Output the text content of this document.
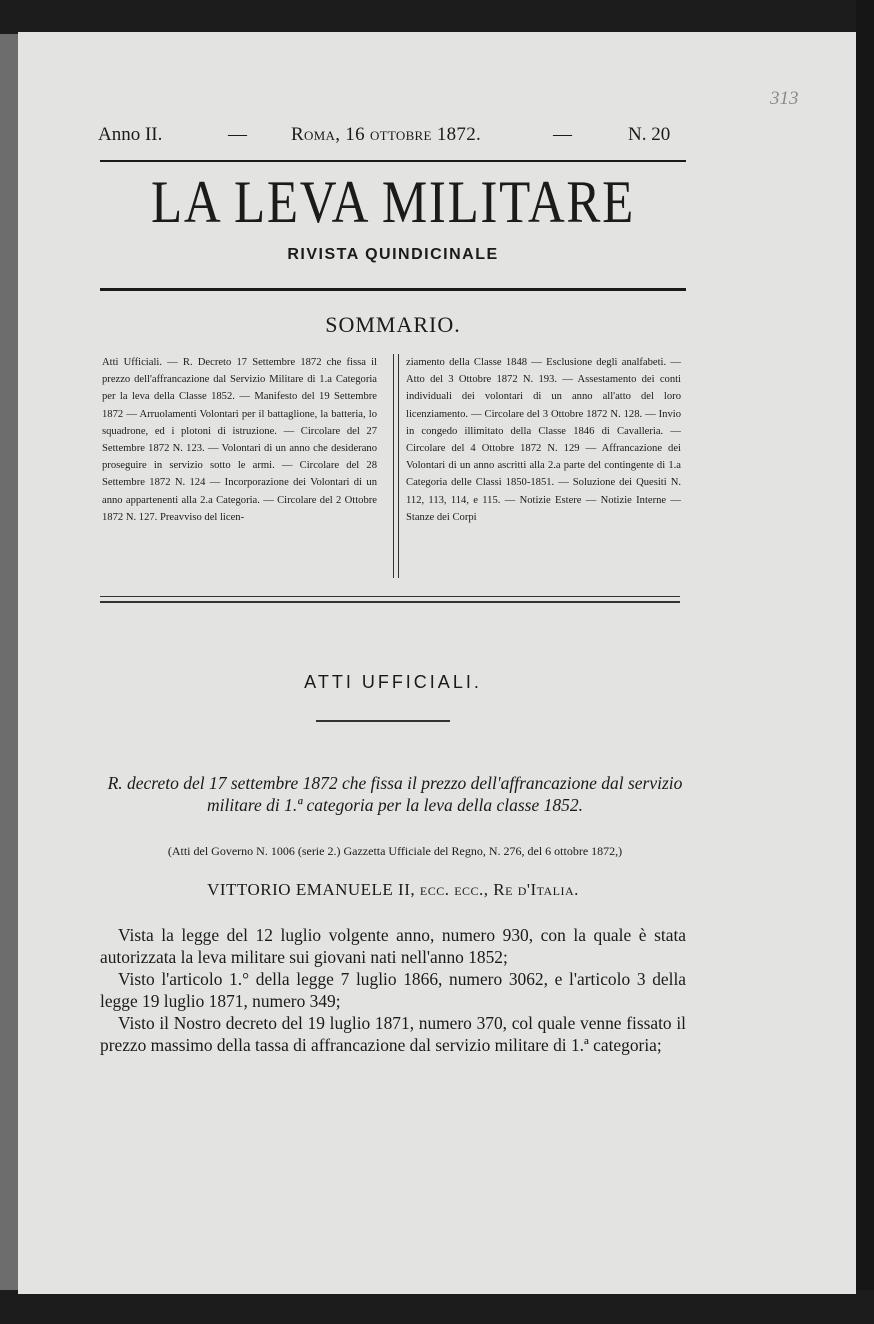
313
Anno II.	— Roma, 16 ottobre 1872.	—	N. 20
LA LEVA MILITARE
RIVISTA QUINDICINALE
SOMMARIO.
Atti Ufficiali. — R. Decreto 17 Settembre 1872 che fissa il prezzo dell'affrancazione dal Servizio Militare di 1.a Categoria per la leva della Classe 1852. — Manifesto del 19 Settembre 1872 — Arruolamenti Volontari per il battaglione, la batteria, lo squadrone, ed i plotoni di istruzione. — Circolare del 27 Settembre 1872 N. 123. — Volontari di un anno che desiderano proseguire in servizio sotto le armi. — Circolare del 28 Settembre 1872 N. 124 — Incorporazione dei Volontari di un anno appartenenti alla 2.a Categoria. — Circolare del 2 Ottobre 1872 N. 127. Preavviso del licen-
ziamento della Classe 1848 — Esclusione degli analfabeti. — Atto del 3 Ottobre 1872 N. 193. — Assestamento dei conti individuali dei volontari di un anno all'atto del loro licenziamento. — Circolare del 3 Ottobre 1872 N. 128. — Invio in congedo illimitato della Classe 1846 di Cavalleria. — Circolare del 4 Ottobre 1872 N. 129 — Affrancazione dei Volontari di un anno ascritti alla 2.a parte del contingente di 1.a Categoria delle Classi 1850-1851. — Soluzione dei Quesiti N. 112, 113, 114, e 115. — Notizie Estere — Notizie Interne — Stanze dei Corpi
ATTI UFFICIALI.
R. decreto del 17 settembre 1872 che fissa il prezzo dell'affrancazione dal servizio militare di 1.ª categoria per la leva della classe 1852.
(Atti del Governo N. 1006 (serie 2.) Gazzetta Ufficiale del Regno, N. 276, del 6 ottobre 1872,)
VITTORIO EMANUELE II, ecc. ecc., Re d'Italia.

Vista la legge del 12 luglio volgente anno, numero 930, con la quale è stata autorizzata la leva militare sui giovani nati nell'anno 1852;

Visto l'articolo 1.° della legge 7 luglio 1866, numero 3062, e l'articolo 3 della legge 19 luglio 1871, numero 349;

Visto il Nostro decreto del 19 luglio 1871, numero 370, col quale venne fissato il prezzo massimo della tassa di affrancazione dal servizio militare di 1.ª categoria;
